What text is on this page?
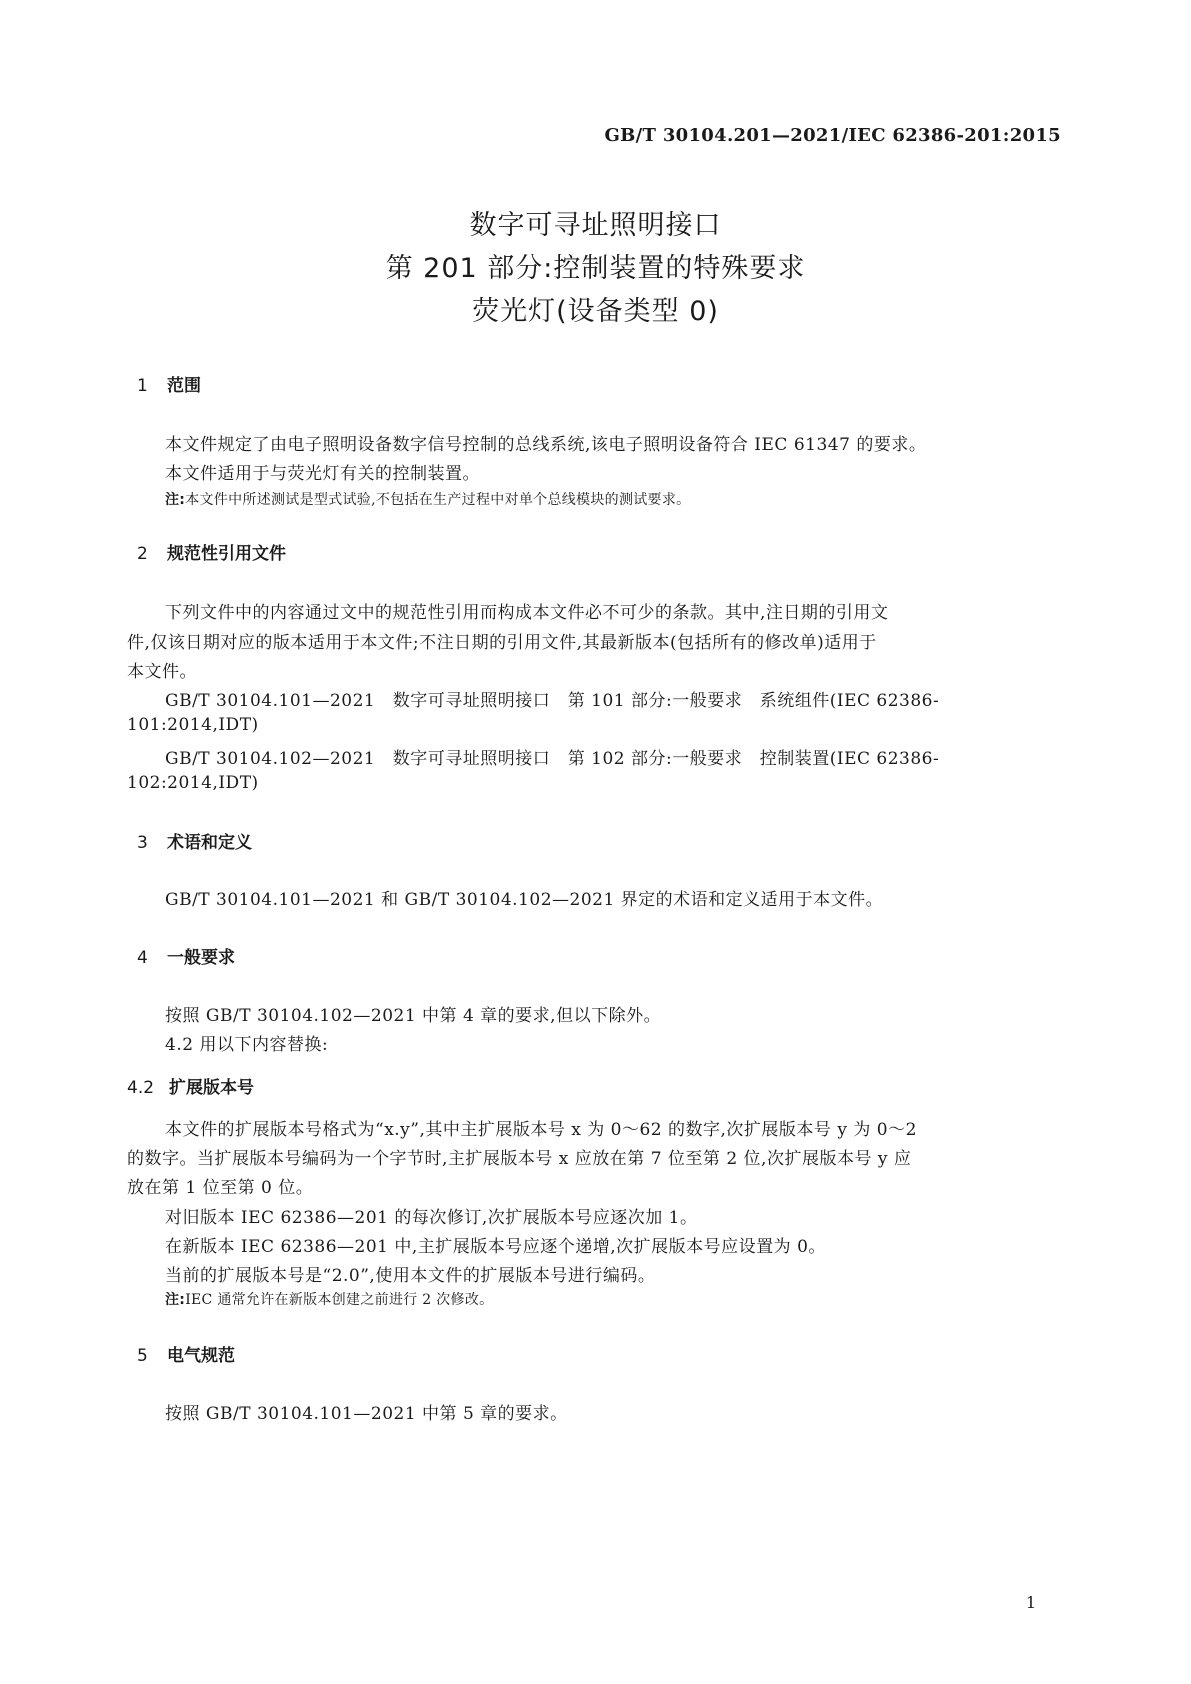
GB/T 30104.201—2021/IEC 62386-201:2015
数字可寻址照明接口
第 201 部分:控制装置的特殊要求
荧光灯(设备类型 0)
1 范围
本文件规定了由电子照明设备数字信号控制的总线系统,该电子照明设备符合 IEC 61347 的要求。
本文件适用于与荧光灯有关的控制装置。
注:本文件中所述测试是型式试验,不包括在生产过程中对单个总线模块的测试要求。
2 规范性引用文件
下列文件中的内容通过文中的规范性引用而构成本文件必不可少的条款。其中,注日期的引用文
件,仅该日期对应的版本适用于本文件;不注日期的引用文件,其最新版本(包括所有的修改单)适用于
本文件。
GB/T 30104.101—2021　数字可寻址照明接口　第 101 部分:一般要求　系统组件(IEC 62386-
101:2014,IDT)
GB/T 30104.102—2021　数字可寻址照明接口　第 102 部分:一般要求　控制装置(IEC 62386-
102:2014,IDT)
3 术语和定义
GB/T 30104.101—2021 和 GB/T 30104.102—2021 界定的术语和定义适用于本文件。
4 一般要求
按照 GB/T 30104.102—2021 中第 4 章的要求,但以下除外。
4.2 用以下内容替换:
4.2 扩展版本号
本文件的扩展版本号格式为“x.y”,其中主扩展版本号 x 为 0～62 的数字,次扩展版本号 y 为 0～2
的数字。当扩展版本号编码为一个字节时,主扩展版本号 x 应放在第 7 位至第 2 位,次扩展版本号 y 应
放在第 1 位至第 0 位。
对旧版本 IEC 62386—201 的每次修订,次扩展版本号应逐次加 1。
在新版本 IEC 62386—201 中,主扩展版本号应逐个递增,次扩展版本号应设置为 0。
当前的扩展版本号是“2.0”,使用本文件的扩展版本号进行编码。
注:IEC 通常允许在新版本创建之前进行 2 次修改。
5 电气规范
按照 GB/T 30104.101—2021 中第 5 章的要求。
1
